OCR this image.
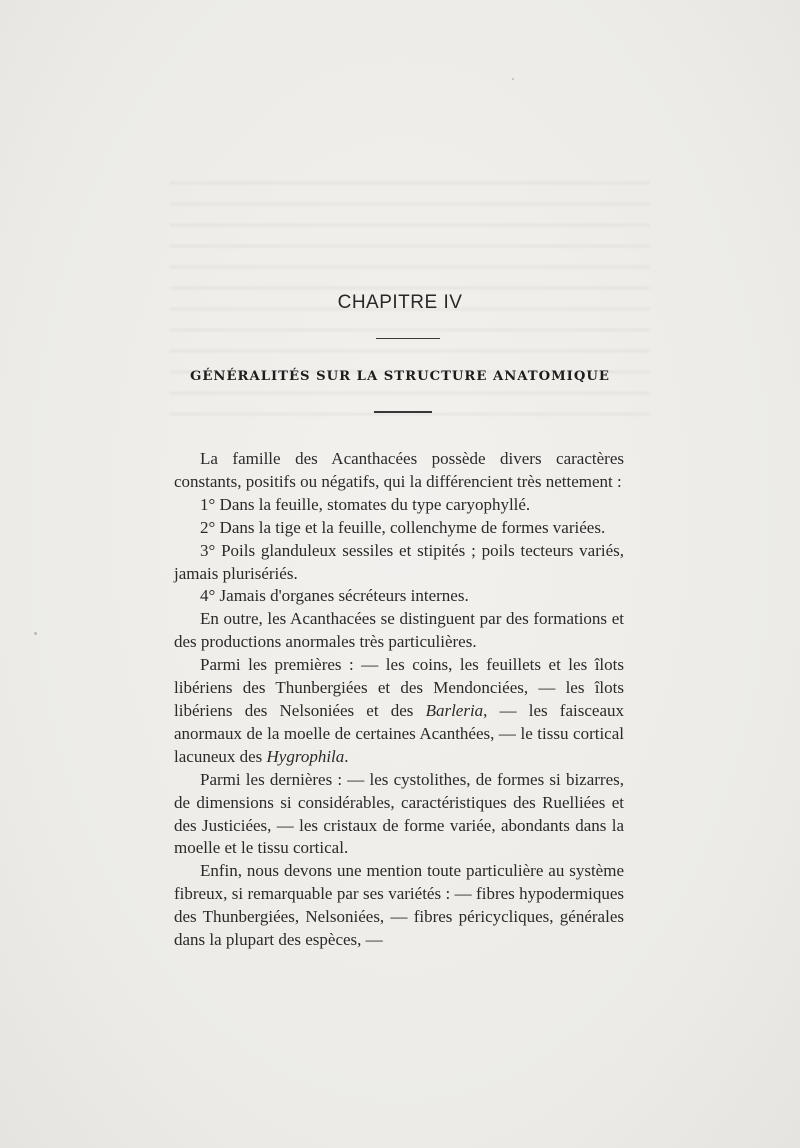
CHAPITRE IV
GÉNÉRALITÉS SUR LA STRUCTURE ANATOMIQUE

La famille des Acanthacées possède divers caractères constants, positifs ou négatifs, qui la différencient très nettement :

1° Dans la feuille, stomates du type caryophyllé.

2° Dans la tige et la feuille, collenchyme de formes variées.

3° Poils glanduleux sessiles et stipités ; poils tecteurs variés, jamais plurisériés.

4° Jamais d'organes sécréteurs internes.

En outre, les Acanthacées se distinguent par des formations et des productions anormales très particulières.

Parmi les premières : — les coins, les feuillets et les îlots libériens des Thunbergiées et des Mendonciées, — les îlots libériens des Nelsoniées et des Barleria, — les faisceaux anormaux de la moelle de certaines Acanthées, — le tissu cortical lacuneux des Hygrophila.

Parmi les dernières : — les cystolithes, de formes si bizarres, de dimensions si considérables, caractéristiques des Ruelliées et des Justiciées, — les cristaux de forme variée, abondants dans la moelle et le tissu cortical.

Enfin, nous devons une mention toute particulière au système fibreux, si remarquable par ses variétés : — fibres hypodermiques des Thunbergiées, Nelsoniées, — fibres péricycliques, générales dans la plupart des espèces, —
